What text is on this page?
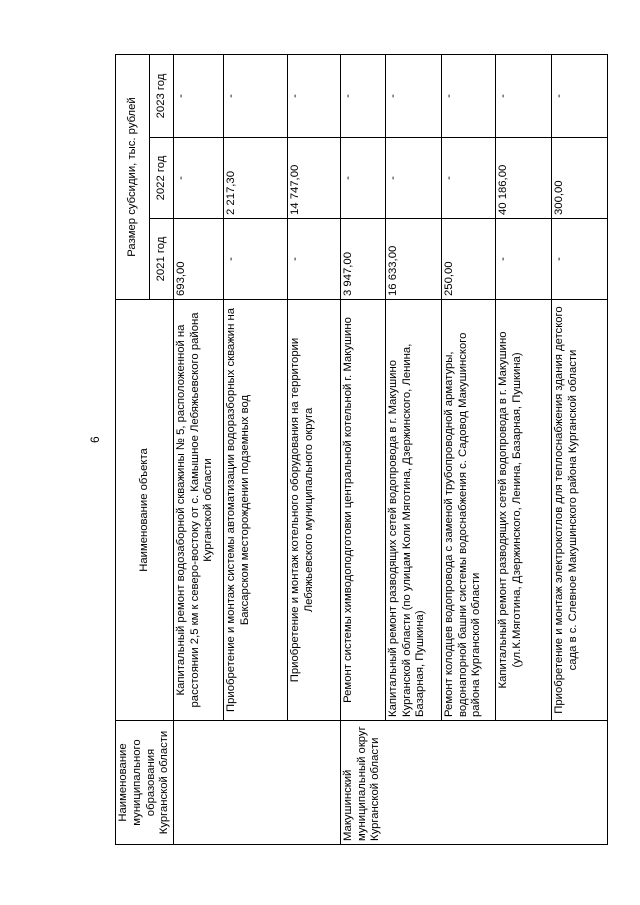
6
Наименование муниципального образования Курганской области	Наименование объекта	Размер субсидии, тыс. рублей		
		2021 год	2022 год	2023 год
	Капитальный ремонт водозаборной скважины № 5, расположенной на расстоянии 2,5 км к северо-востоку от с. Камышное Лебяжьевского района Курганской области	693,00	-	-
	Приобретение и монтаж системы автоматизации водоразборных скважин на Баксарском месторождении подземных вод	-	2 217,30	-
	Приобретение и монтаж котельного оборудования на территории Лебяжьевского муниципального округа	-	14 747,00	-
Макушинский муниципальный округ Курганской области	Ремонт системы химводоподготовки центральной котельной г. Макушино	3 947,00	-	-
	Капитальный ремонт разводящих сетей водопровода в г. Макушино Курганской области (по улицам Коли Мяготина, Дзержинского, Ленина, Базарная, Пушкина)	16 633,00	-	-
	Ремонт колодцев водопровода с заменой трубопроводной арматуры, водонапорной башни системы водоснабжения с. Садовод Макушинского района Курганской области	250,00	-	-
	Капитальный ремонт разводящих сетей водопровода в г. Макушино (ул.К.Мяготина, Дзержинского, Ленина, Базарная, Пушкина)	-	40 186,00	-
	Приобретение и монтаж электрокотлов для теплоснабжения здания детского сада в с. Слевное Макушинского района Курганской области	-	300,00	-
